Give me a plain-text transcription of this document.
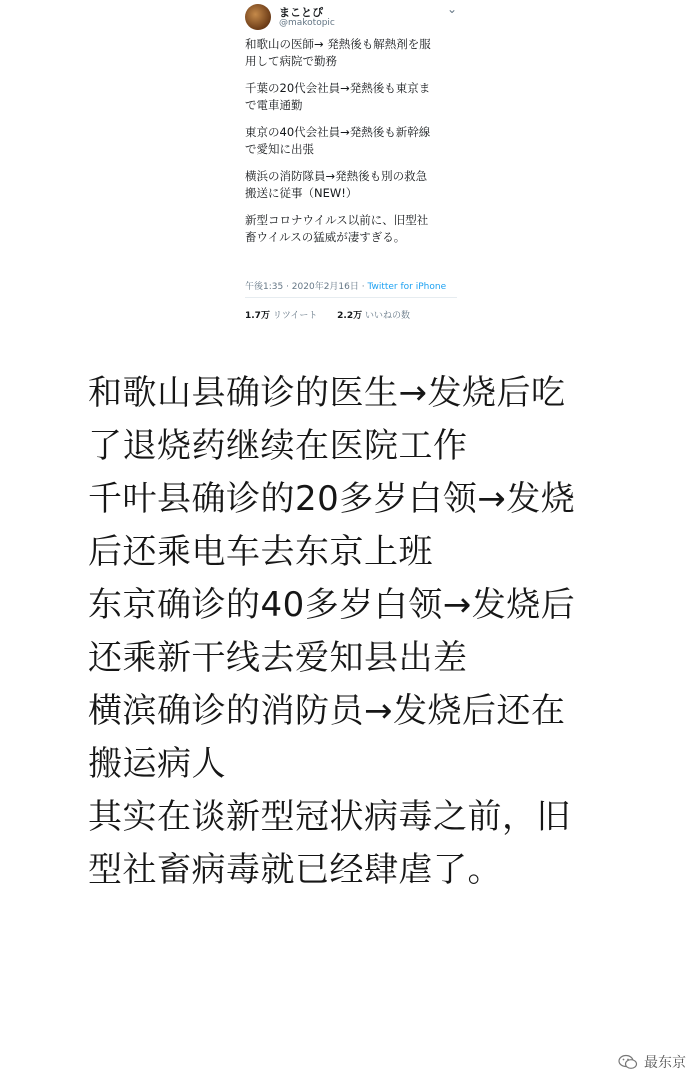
まことぴ
@makotopic
⌄

和歌山の医師→ 発熱後も解熱剤を服
用して病院で勤務

千葉の20代会社員→発熱後も東京ま
で電車通勤

東京の40代会社員→発熱後も新幹線
で愛知に出張

横浜の消防隊員→発熱後も別の救急
搬送に従事（NEW!）

新型コロナウイルス以前に、旧型社
畜ウイルスの猛威が凄すぎる。

午後1:35 · 2020年2月16日 · Twitter for iPhone
1.7万 リツイート 2.2万 いいねの数
和歌山县确诊的医生→发烧后吃
了退烧药继续在医院工作
千叶县确诊的20多岁白领→发烧
后还乘电车去东京上班
东京确诊的40多岁白领→发烧后
还乘新干线去爱知县出差
横滨确诊的消防员→发烧后还在
搬运病人
其实在谈新型冠状病毒之前，旧
型社畜病毒就已经肆虐了。
最东京
